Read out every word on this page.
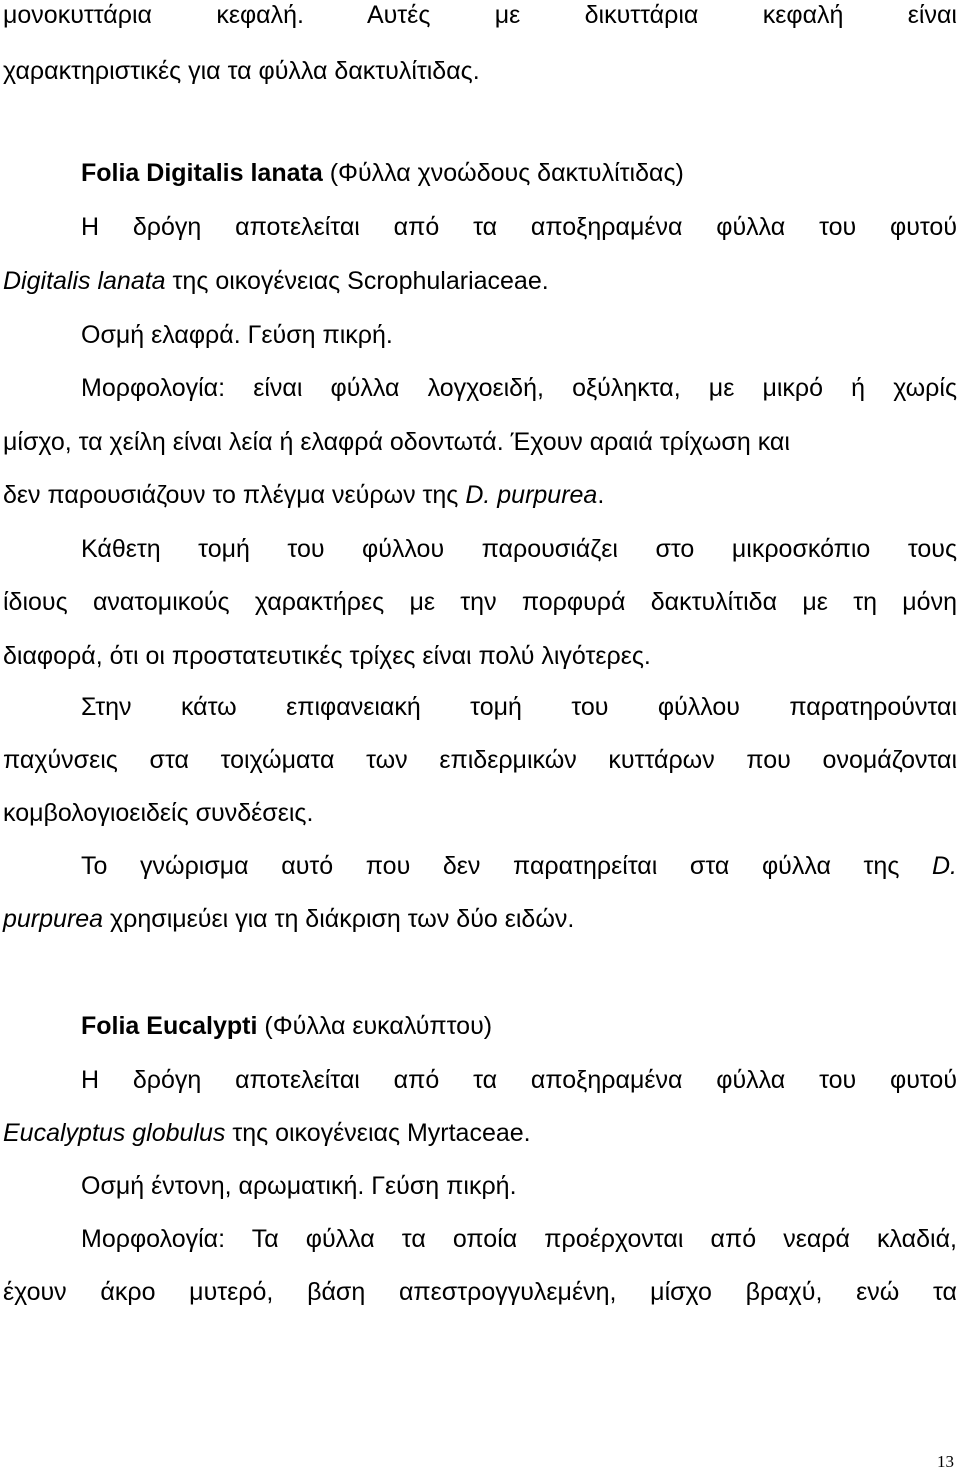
μονοκυττάρια κεφαλή. Αυτές με δικυττάρια κεφαλή είναι
χαρακτηριστικές για τα φύλλα δακτυλίτιδας.
Folia Digitalis lanata (Φύλλα χνοώδους δακτυλίτιδας)
Η δρόγη αποτελείται από τα αποξηραμένα φύλλα του φυτού
Digitalis lanata της οικογένειας Scrophulariaceae.
Οσμή ελαφρά. Γεύση πικρή.
Μορφολογία: είναι φύλλα λογχοειδή, οξύληκτα, με μικρό ή χωρίς
μίσχο, τα χείλη είναι λεία ή ελαφρά οδοντωτά. Έχουν αραιά τρίχωση και
δεν παρουσιάζουν το πλέγμα νεύρων της D. purpurea.
Κάθετη τομή του φύλλου παρουσιάζει στο μικροσκόπιο τους
ίδιους ανατομικούς χαρακτήρες με την πορφυρά δακτυλίτιδα με τη μόνη
διαφορά, ότι οι προστατευτικές τρίχες είναι πολύ λιγότερες.
Στην κάτω επιφανειακή τομή του φύλλου παρατηρούνται
παχύνσεις στα τοιχώματα των επιδερμικών κυττάρων που ονομάζονται
κομβολογιοειδείς συνδέσεις.
Το γνώρισμα αυτό που δεν παρατηρείται στα φύλλα της D.
purpurea χρησιμεύει για τη διάκριση των δύο ειδών.
Folia Eucalypti (Φύλλα ευκαλύπτου)
Η δρόγη αποτελείται από τα αποξηραμένα φύλλα του φυτού
Eucalyptus globulus της οικογένειας Myrtaceae.
Οσμή έντονη, αρωματική. Γεύση πικρή.
Μορφολογία: Τα φύλλα τα οποία προέρχονται από νεαρά κλαδιά,
έχουν άκρο μυτερό, βάση απεστρογγυλεμένη, μίσχο βραχύ, ενώ τα
13
